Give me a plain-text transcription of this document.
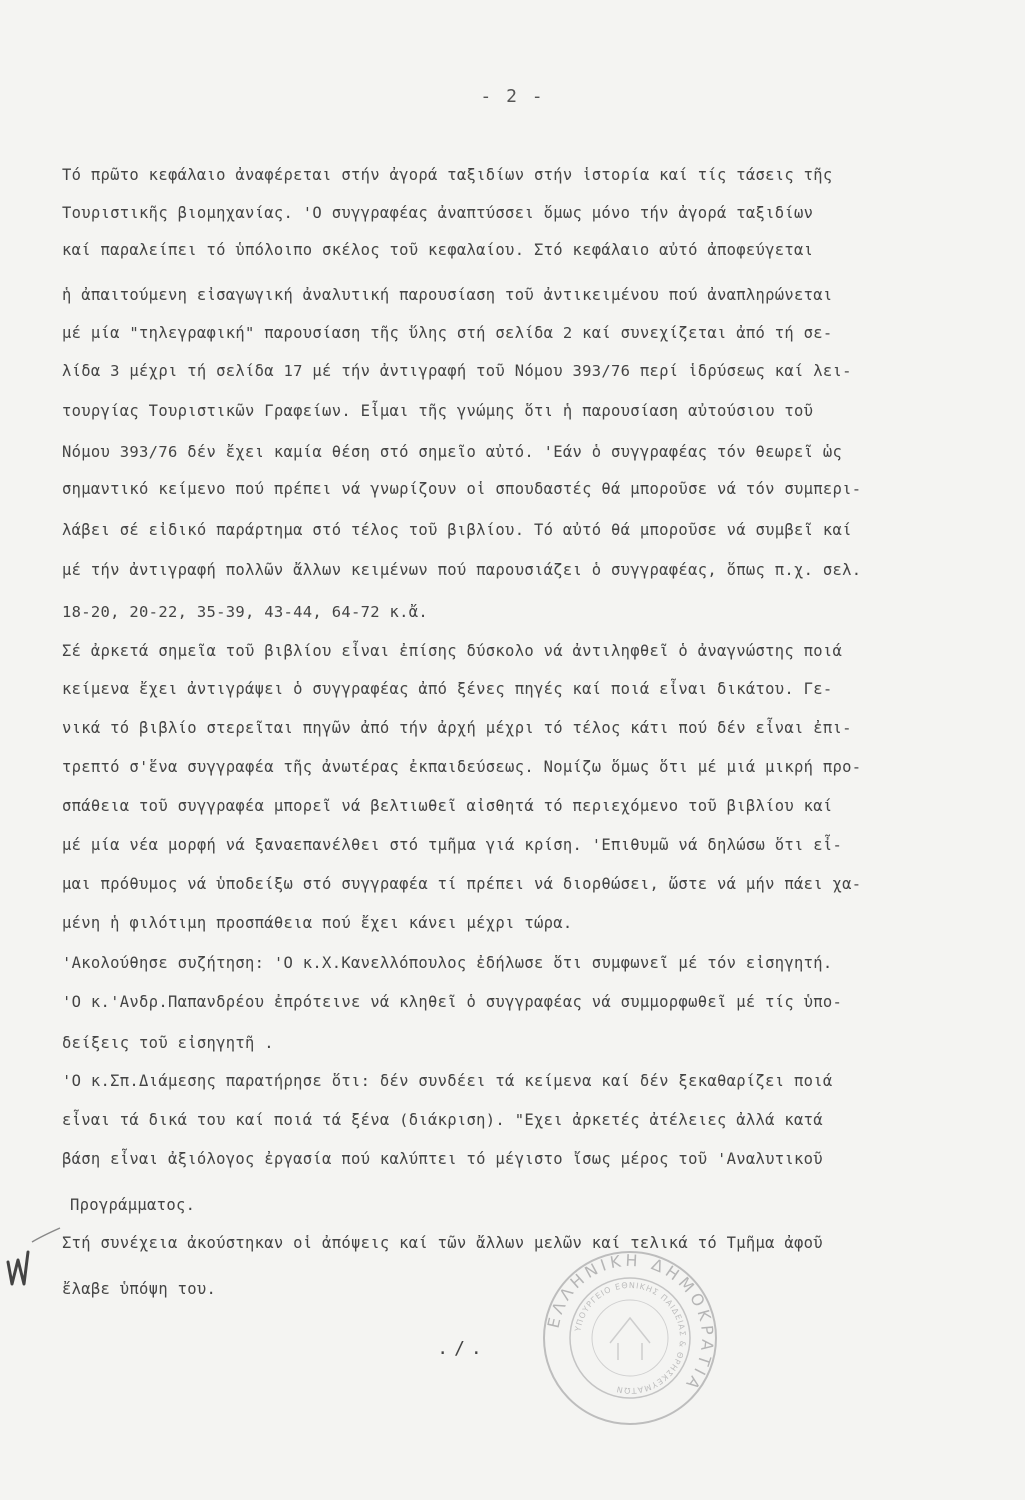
- 2 -
Τό πρῶτο κεφάλαιο ἀναφέρεται στήν ἀγορά ταξιδίων στήν ἱστορία καί τίς τάσεις τῆς
Τουριστικῆς βιομηχανίας. 'Ο συγγραφέας ἀναπτύσσει ὅμως μόνο τήν ἀγορά ταξιδίων
καί παραλείπει τό ὑπόλοιπο σκέλος τοῦ κεφαλαίου. Στό κεφάλαιο αὐτό ἀποφεύγεται
ἡ ἀπαιτούμενη εἰσαγωγική ἀναλυτική παρουσίαση τοῦ ἀντικειμένου πού ἀναπληρώνεται
μέ μία "τηλεγραφική" παρουσίαση τῆς ὕλης στή σελίδα 2 καί συνεχίζεται ἀπό τή σε-
λίδα 3 μέχρι τή σελίδα 17 μέ τήν ἀντιγραφή τοῦ Νόμου 393/76 περί ἱδρύσεως καί λει-
τουργίας Τουριστικῶν Γραφείων. Εἶμαι τῆς γνώμης ὅτι ἡ παρουσίαση αὐτούσιου τοῦ
Νόμου 393/76 δέν ἔχει καμία θέση στό σημεῖο αὐτό. 'Εάν ὁ συγγραφέας τόν θεωρεῖ ὡς
σημαντικό κείμενο πού πρέπει νά γνωρίζουν οἱ σπουδαστές θά μποροῦσε νά τόν συμπερι-
λάβει σέ εἰδικό παράρτημα στό τέλος τοῦ βιβλίου. Τό αὐτό θά μποροῦσε νά συμβεῖ καί
μέ τήν ἀντιγραφή πολλῶν ἄλλων κειμένων πού παρουσιάζει ὁ συγγραφέας, ὅπως π.χ. σελ.
18-20, 20-22, 35-39, 43-44, 64-72 κ.ἄ.
Σέ ἀρκετά σημεῖα τοῦ βιβλίου εἶναι ἐπίσης δύσκολο νά ἀντιληφθεῖ ὁ ἀναγνώστης ποιά
κείμενα ἔχει ἀντιγράψει ὁ συγγραφέας ἀπό ξένες πηγές καί ποιά εἶναι δικάτου. Γε-
νικά τό βιβλίο στερεῖται πηγῶν ἀπό τήν ἀρχή μέχρι τό τέλος κάτι πού δέν εἶναι ἐπι-
τρεπτό σ'ἕνα συγγραφέα τῆς ἀνωτέρας ἐκπαιδεύσεως. Νομίζω ὅμως ὅτι μέ μιά μικρή προ-
σπάθεια τοῦ συγγραφέα μπορεῖ νά βελτιωθεῖ αἰσθητά τό περιεχόμενο τοῦ βιβλίου καί
μέ μία νέα μορφή νά ξαναεπανέλθει στό τμῆμα γιά κρίση. 'Επιθυμῶ νά δηλώσω ὅτι εἶ-
μαι πρόθυμος νά ὑποδείξω στό συγγραφέα τί πρέπει νά διορθώσει, ὥστε νά μήν πάει χα-
μένη ἡ φιλότιμη προσπάθεια πού ἔχει κάνει μέχρι τώρα.
'Ακολούθησε συζήτηση: 'Ο κ.Χ.Κανελλόπουλος ἐδήλωσε ὅτι συμφωνεῖ μέ τόν εἰσηγητή.
'Ο κ.'Ανδρ.Παπανδρέου ἐπρότεινε νά κληθεῖ ὁ συγγραφέας νά συμμορφωθεῖ μέ τίς ὑπο-
δείξεις τοῦ εἰσηγητῆ .
'Ο κ.Σπ.Διάμεσης παρατήρησε ὅτι: δέν συνδέει τά κείμενα καί δέν ξεκαθαρίζει ποιά
εἶναι τά δικά του καί ποιά τά ξένα (διάκριση). "Εχει ἀρκετές ἀτέλειες ἀλλά κατά
βάση εἶναι ἀξιόλογος ἐργασία πού καλύπτει τό μέγιστο ἴσως μέρος τοῦ 'Αναλυτικοῦ
Προγράμματος.
Στή συνέχεια ἀκούστηκαν οἱ ἀπόψεις καί τῶν ἄλλων μελῶν καί τελικά τό Τμῆμα ἀφοῦ
ἔλαβε ὑπόψη του.
ΕΛΛΗΝΙΚΗ ΔΗΜΟΚΡΑΤΙΑ
ΥΠΟΥΡΓΕΙΟ ΕΘΝΙΚΗΣ ΠΑΙΔΕΙΑΣ & ΘΡΗΣΚΕΥΜΑΤΩΝ
./.
